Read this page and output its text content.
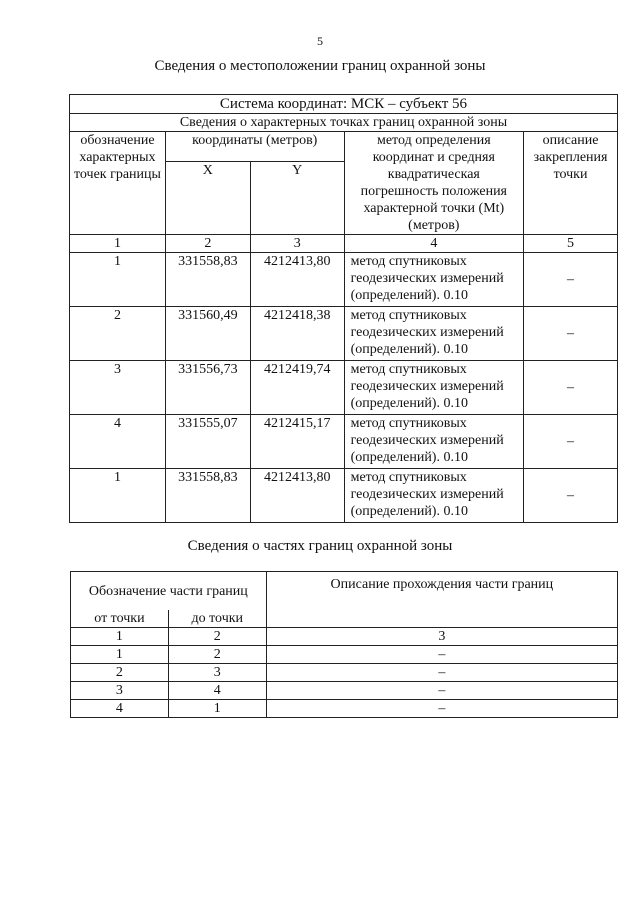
5
Сведения о местоположении границ охранной зоны
Система координат: МСК – субъект 56				
Сведения о характерных точках границ охранной зоны				
обозначение характерных точек границы	координаты (метров)		метод определения координат и средняя квадратическая погрешность положения характерной точки (Mt) (метров)	описание закрепления точки
	X	Y		
1	2	3	4	5
1	331558,83	4212413,80	метод спутниковых геодезических измерений (определений). 0.10	–
2	331560,49	4212418,38	метод спутниковых геодезических измерений (определений). 0.10	–
3	331556,73	4212419,74	метод спутниковых геодезических измерений (определений). 0.10	–
4	331555,07	4212415,17	метод спутниковых геодезических измерений (определений). 0.10	–
1	331558,83	4212413,80	метод спутниковых геодезических измерений (определений). 0.10	–
Сведения о частях границ охранной зоны
Обозначение части границ		Описание прохождения части границ
от точки	до точки	
1	2	3
1	2	–
2	3	–
3	4	–
4	1	–
